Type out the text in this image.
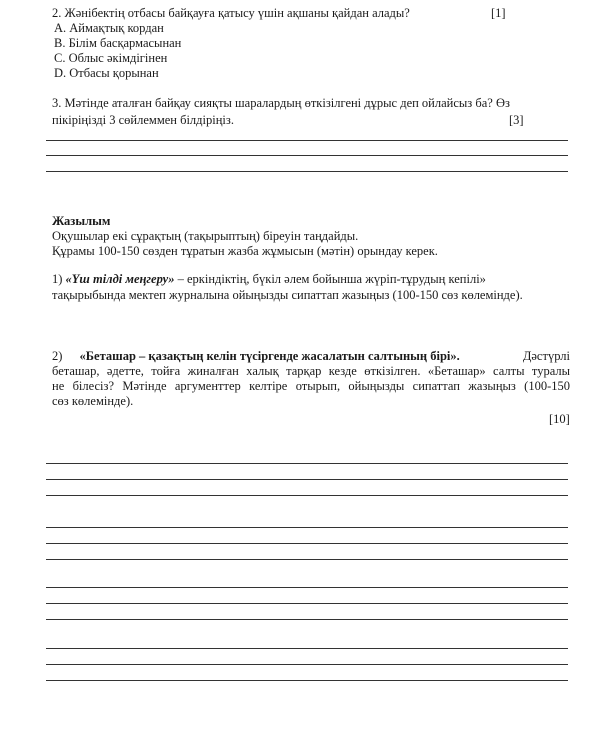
2. Жәнібектің отбасы байқауға қатысу үшін ақшаны қайдан алады?	[1]
A. Аймақтық кордан
B. Білім басқармасынан
C. Облыс әкімдігінен
D. Отбасы қорынан
3. Мәтінде аталған байқау сияқты шаралардың өткізілгені дұрыс деп ойлайсыз ба? Өз
пікіріңізді 3 сөйлеммен білдіріңіз.	[3]
Жазылым
Оқушылар екі сұрақтың (тақырыптың) біреуін таңдайды.
Құрамы 100-150 сөзден тұратын жазба жұмысын (мәтін) орындау керек.
1) «Үш тілді меңгеру» – еркіндіктің, бүкіл әлем бойынша жүріп-тұрудың кепілі»
тақырыбында мектеп журналына ойыңызды сипаттап жазыңыз (100-150 сөз көлемінде).
2) «Беташар – қазақтың келін түсіргенде жасалатын салтының бірі».	Дәстүрлі
беташар, әдетте, тойға жиналған халық тарқар кезде өткізілген. «Беташар» салты туралы
не білесіз? Мәтінде аргументтер келтіре отырып, ойыңызды сипаттап жазыңыз (100-150
сөз көлемінде).
[10]
